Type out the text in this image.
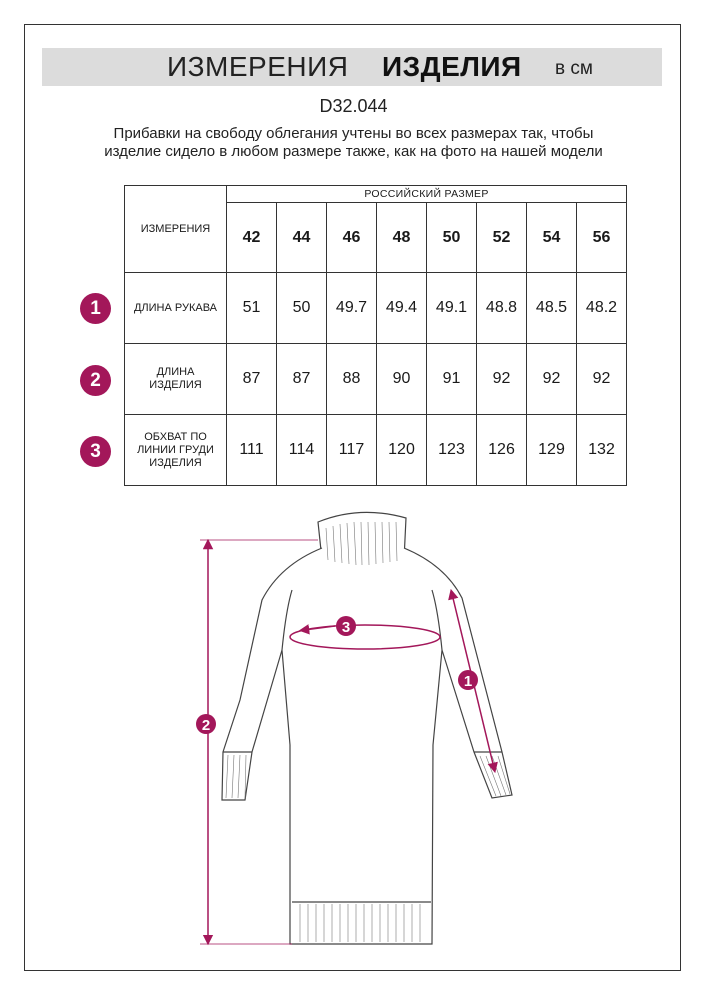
ИЗМЕРЕНИЯ ИЗДЕЛИЯ в см
D32.044
Прибавки на свободу облегания учтены во всех размерах так, чтобы изделие сидело в любом размере также, как на фото на нашей модели
ИЗМЕРЕНИЯ	РОССИЙСКИЙ РАЗМЕР							
	42	44	46	48	50	52	54	56
ДЛИНА РУКАВА	51	50	49.7	49.4	49.1	48.8	48.5	48.2
ДЛИНА
ИЗДЕЛИЯ	87	87	88	90	91	92	92	92
ОБХВАТ ПО
ЛИНИИ ГРУДИ
ИЗДЕЛИЯ	111	114	117	120	123	126	129	132
1
2
3
2
3
1
